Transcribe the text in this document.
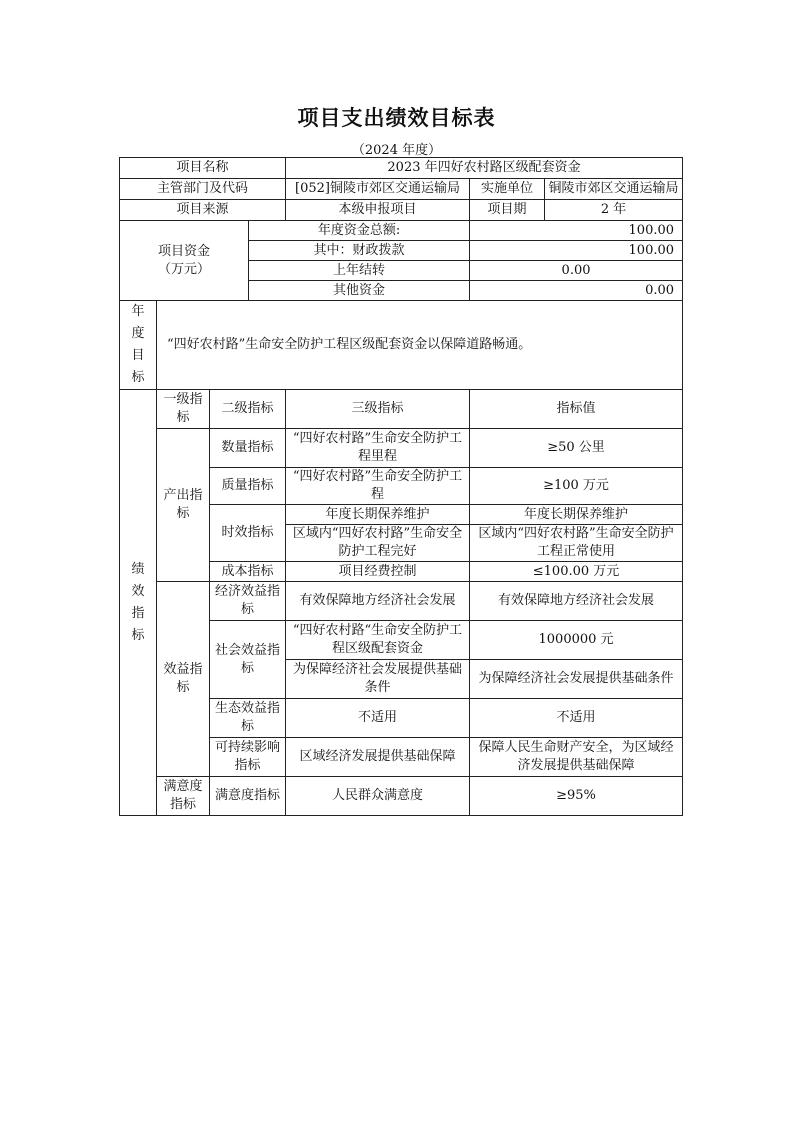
项目支出绩效目标表
（2024 年度）
项目名称				2023 年四好农村路区级配套资金		
主管部门及代码				[052]铜陵市郊区交通运输局	实施单位	铜陵市郊区交通运输局
项目来源				本级申报项目	项目期	2 年

项目资金
（万元）			年度资金总额:		100.00	
			其中：财政拨款		100.00	
			上年结转		0.00	
			其他资金		0.00	

年
度
目
标	“四好农村路”生命安全防护工程区级配套资金以保障道路畅通。					

绩
效
指
标	一级指标	二级指标		三级指标	指标值	
	产出指标	数量指标		“四好农村路”生命安全防护工程里程	≥50 公里	
		质量指标		“四好农村路”生命安全防护工程	≥100 万元	
		时效指标		年度长期保养维护	年度长期保养维护	
				区域内“四好农村路”生命安全防护工程完好	区域内“四好农村路”生命安全防护工程正常使用	
		成本指标		项目经费控制	≤100.00 万元	
	效益指标	经济效益指标		有效保障地方经济社会发展	有效保障地方经济社会发展	
		社会效益指标		“四好农村路“生命安全防护工程区级配套资金	1000000 元	
				为保障经济社会发展提供基础条件	为保障经济社会发展提供基础条件	
		生态效益指标		不适用	不适用	
		可持续影响指标		区域经济发展提供基础保障	保障人民生命财产安全，为区域经济发展提供基础保障	

	满意度指标	满意度指标		人民群众满意度	≥95%	
